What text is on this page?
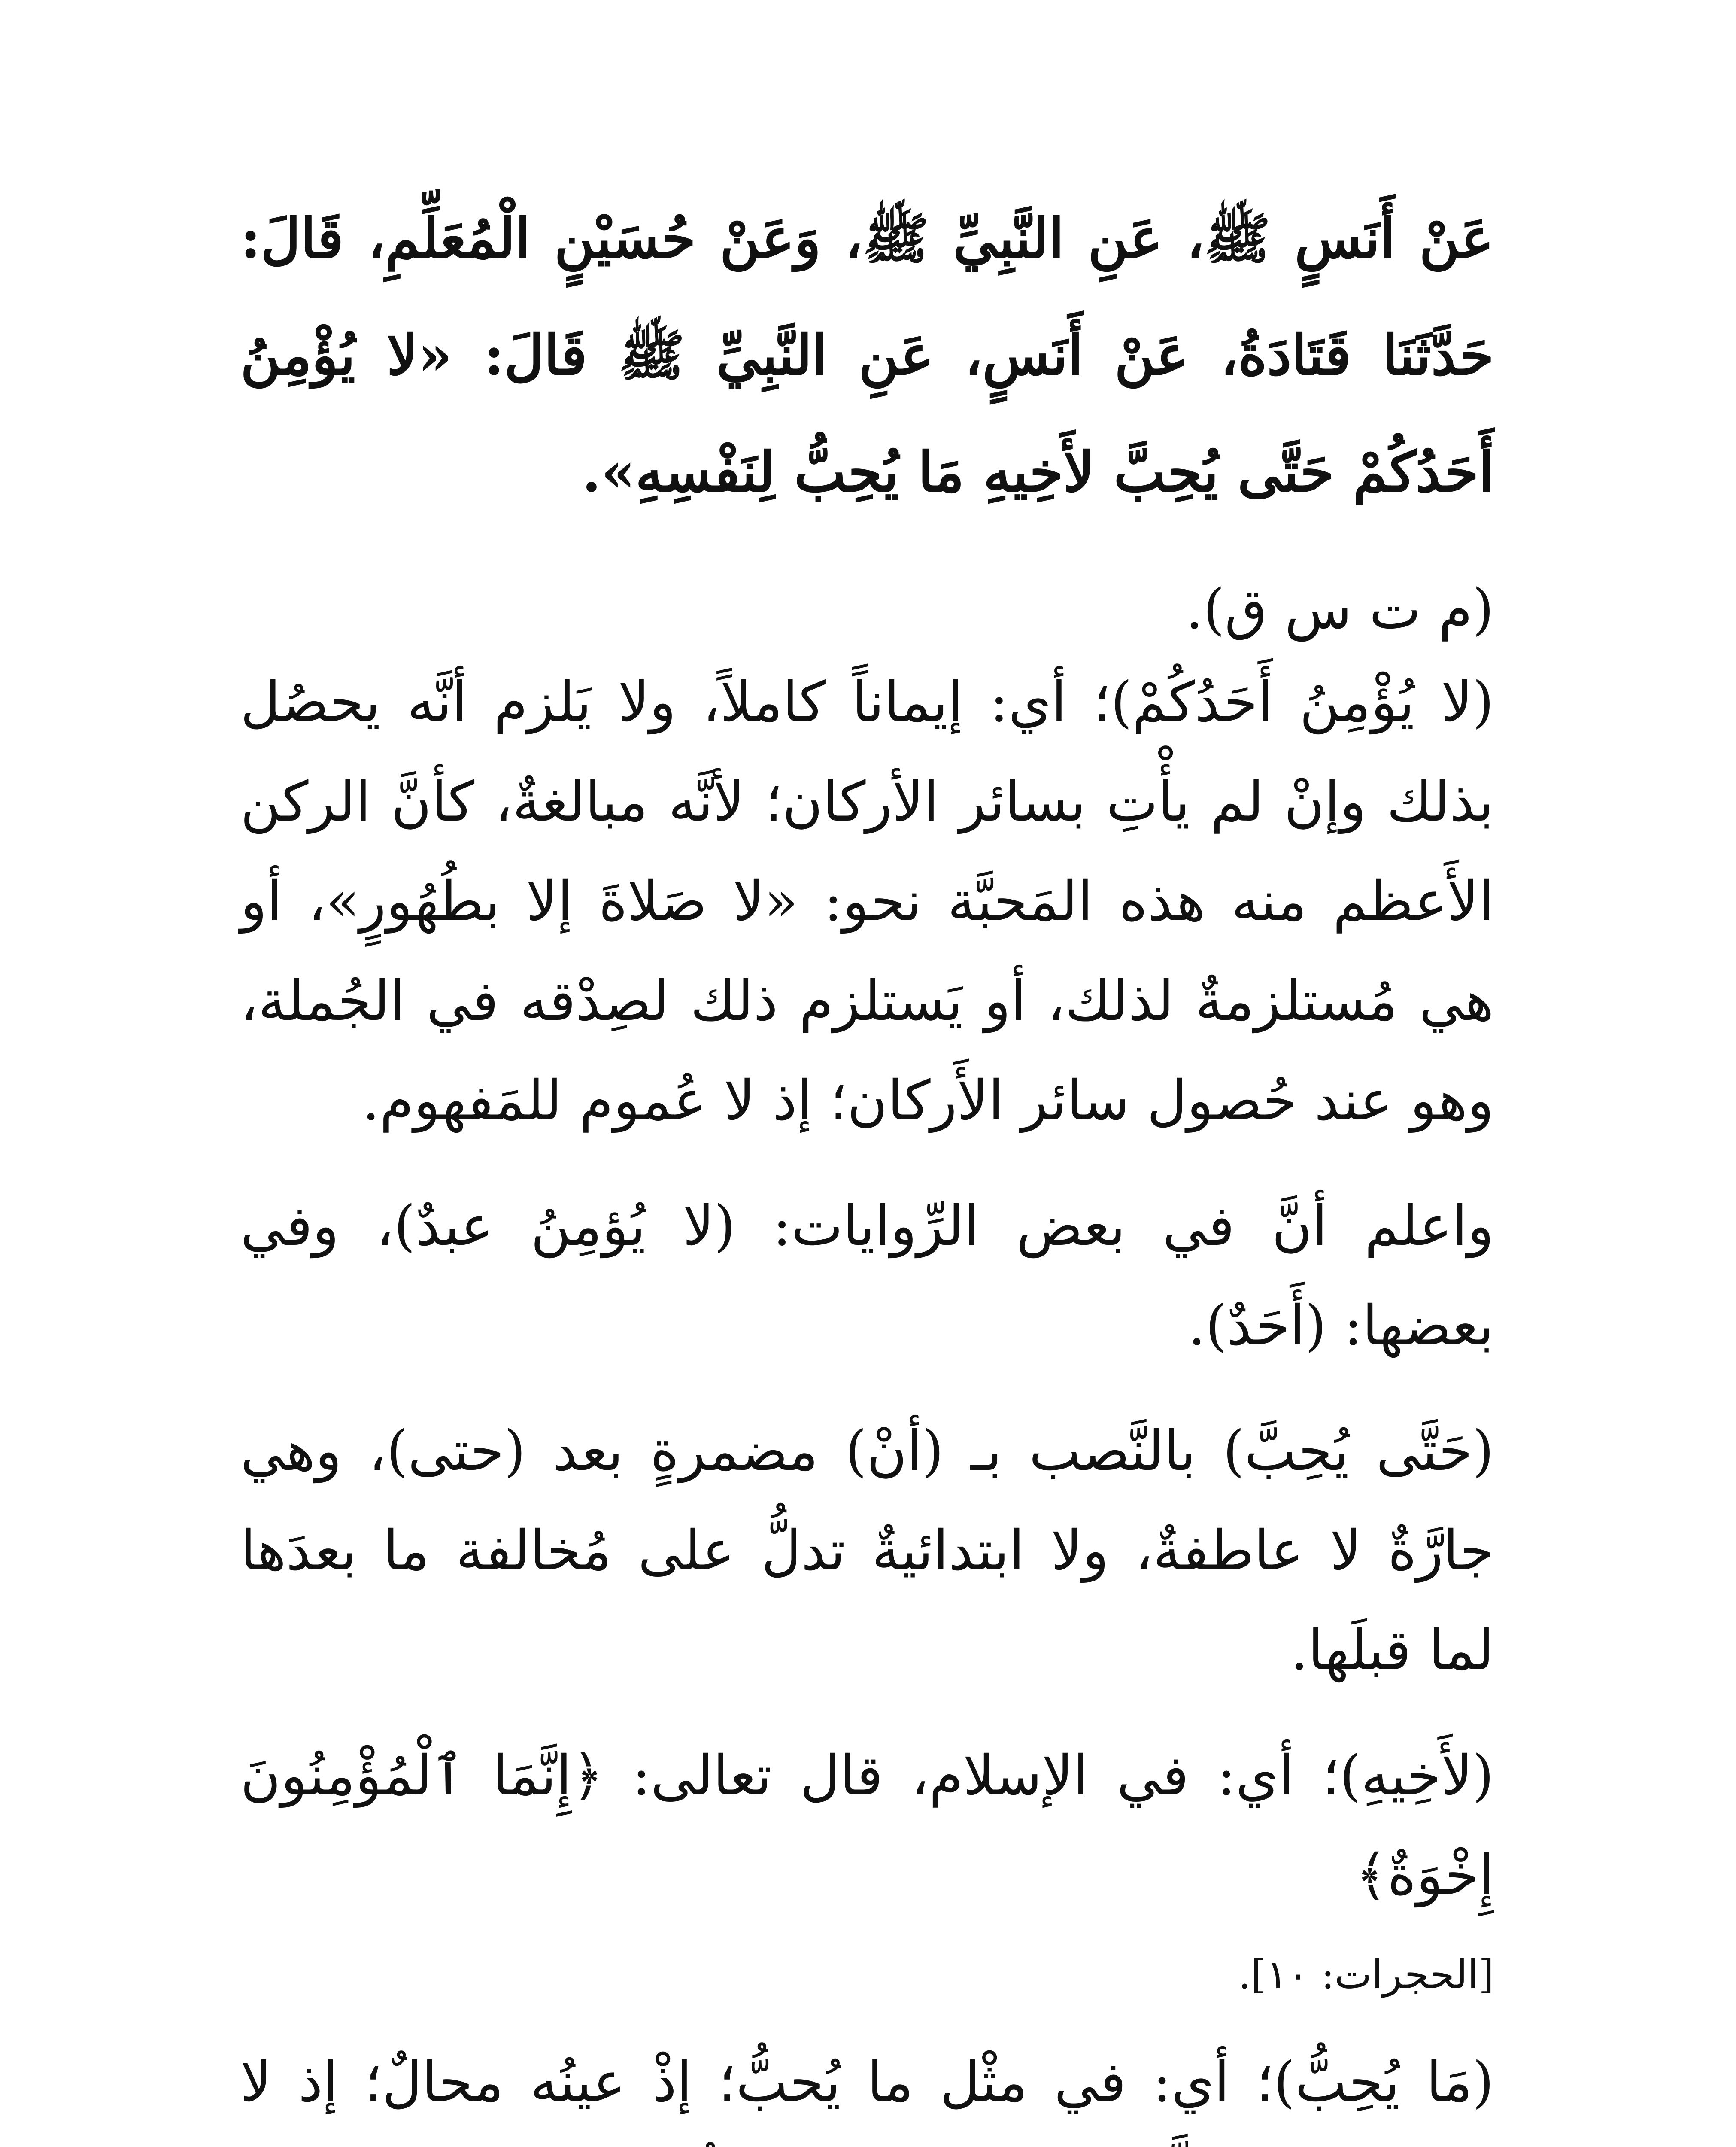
عَنْ أَنَسٍ ﷺ، عَنِ النَّبِيِّ ﷺ، وَعَنْ حُسَيْنٍ الْمُعَلِّمِ، قَالَ: حَدَّثَنَا قَتَادَةُ، عَنْ أَنَسٍ، عَنِ النَّبِيِّ ﷺ قَالَ: «لا يُؤْمِنُ أَحَدُكُمْ حَتَّى يُحِبَّ لأَخِيهِ مَا يُحِبُّ لِنَفْسِهِ».
(م ت س ق).

(لا يُؤْمِنُ أَحَدُكُمْ)؛ أي: إيماناً كاملاً، ولا يَلزم أنَّه يحصُل بذلك وإنْ لم يأْتِ بسائر الأركان؛ لأنَّه مبالغةٌ، كأنَّ الركن الأَعظم منه هذه المَحبَّة نحو: «لا صَلاةَ إلا بطُهُورٍ»، أو هي مُستلزمةٌ لذلك، أو يَستلزم ذلك لصِدْقه في الجُملة، وهو عند حُصول سائر الأَركان؛ إذ لا عُموم للمَفهوم.

واعلم أنَّ في بعض الرِّوايات: (لا يُؤمِنُ عبدٌ)، وفي بعضها: (أَحَدٌ).

(حَتَّى يُحِبَّ) بالنَّصب بـ (أنْ) مضمرةٍ بعد (حتى)، وهي جارَّةٌ لا عاطفةٌ، ولا ابتدائيةٌ تدلُّ على مُخالفة ما بعدَها لما قبلَها.

(لأَخِيهِ)؛ أي: في الإسلام، قال تعالى: ﴿إِنَّمَا ٱلْمُؤْمِنُونَ إِخْوَةٌ﴾

[الحجرات: ١٠].

(مَا يُحِبُّ)؛ أي: في مثْل ما يُحبُّ؛ إذْ عينُه محالٌ؛ إذ لا
